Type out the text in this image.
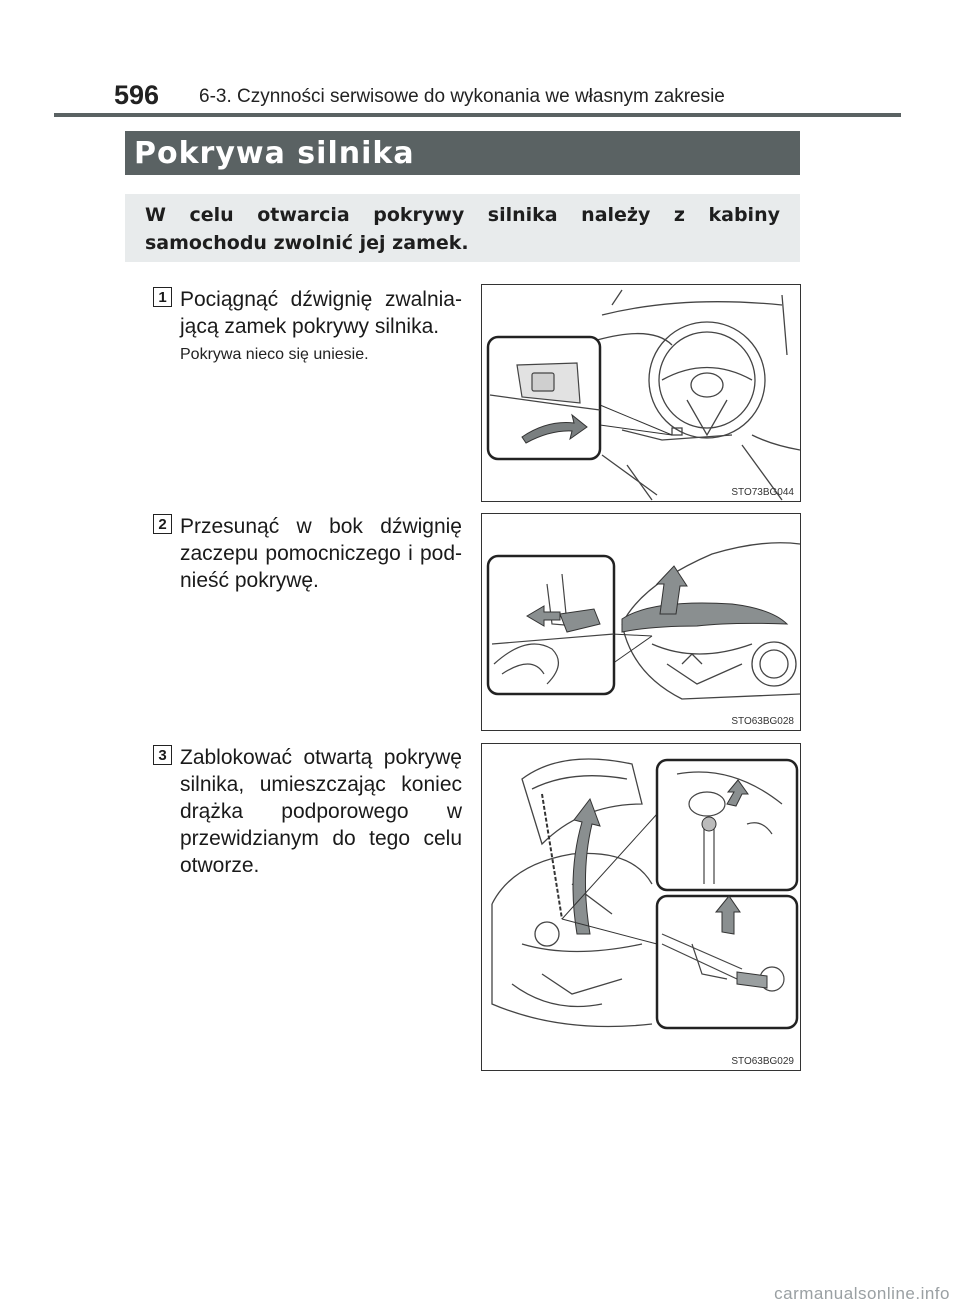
596 6-3. Czynności serwisowe do wykonania we własnym zakresie
Pokrywa silnika
W celu otwarcia pokrywy silnika należy z kabiny samochodu zwolnić jej zamek.
1 Pociągnąć dźwignię zwalniającą zamek pokrywy silnika.
Pokrywa nieco się uniesie.
STO73BG044
2 Przesunąć w bok dźwignię zaczepu pomocniczego i podnieść pokrywę.
STO63BG028
3 Zablokować otwartą pokrywę silnika, umieszczając koniec drążka podporowego w przewidzianym do tego celu otworze.
STO63BG029
carmanualsonline.info
